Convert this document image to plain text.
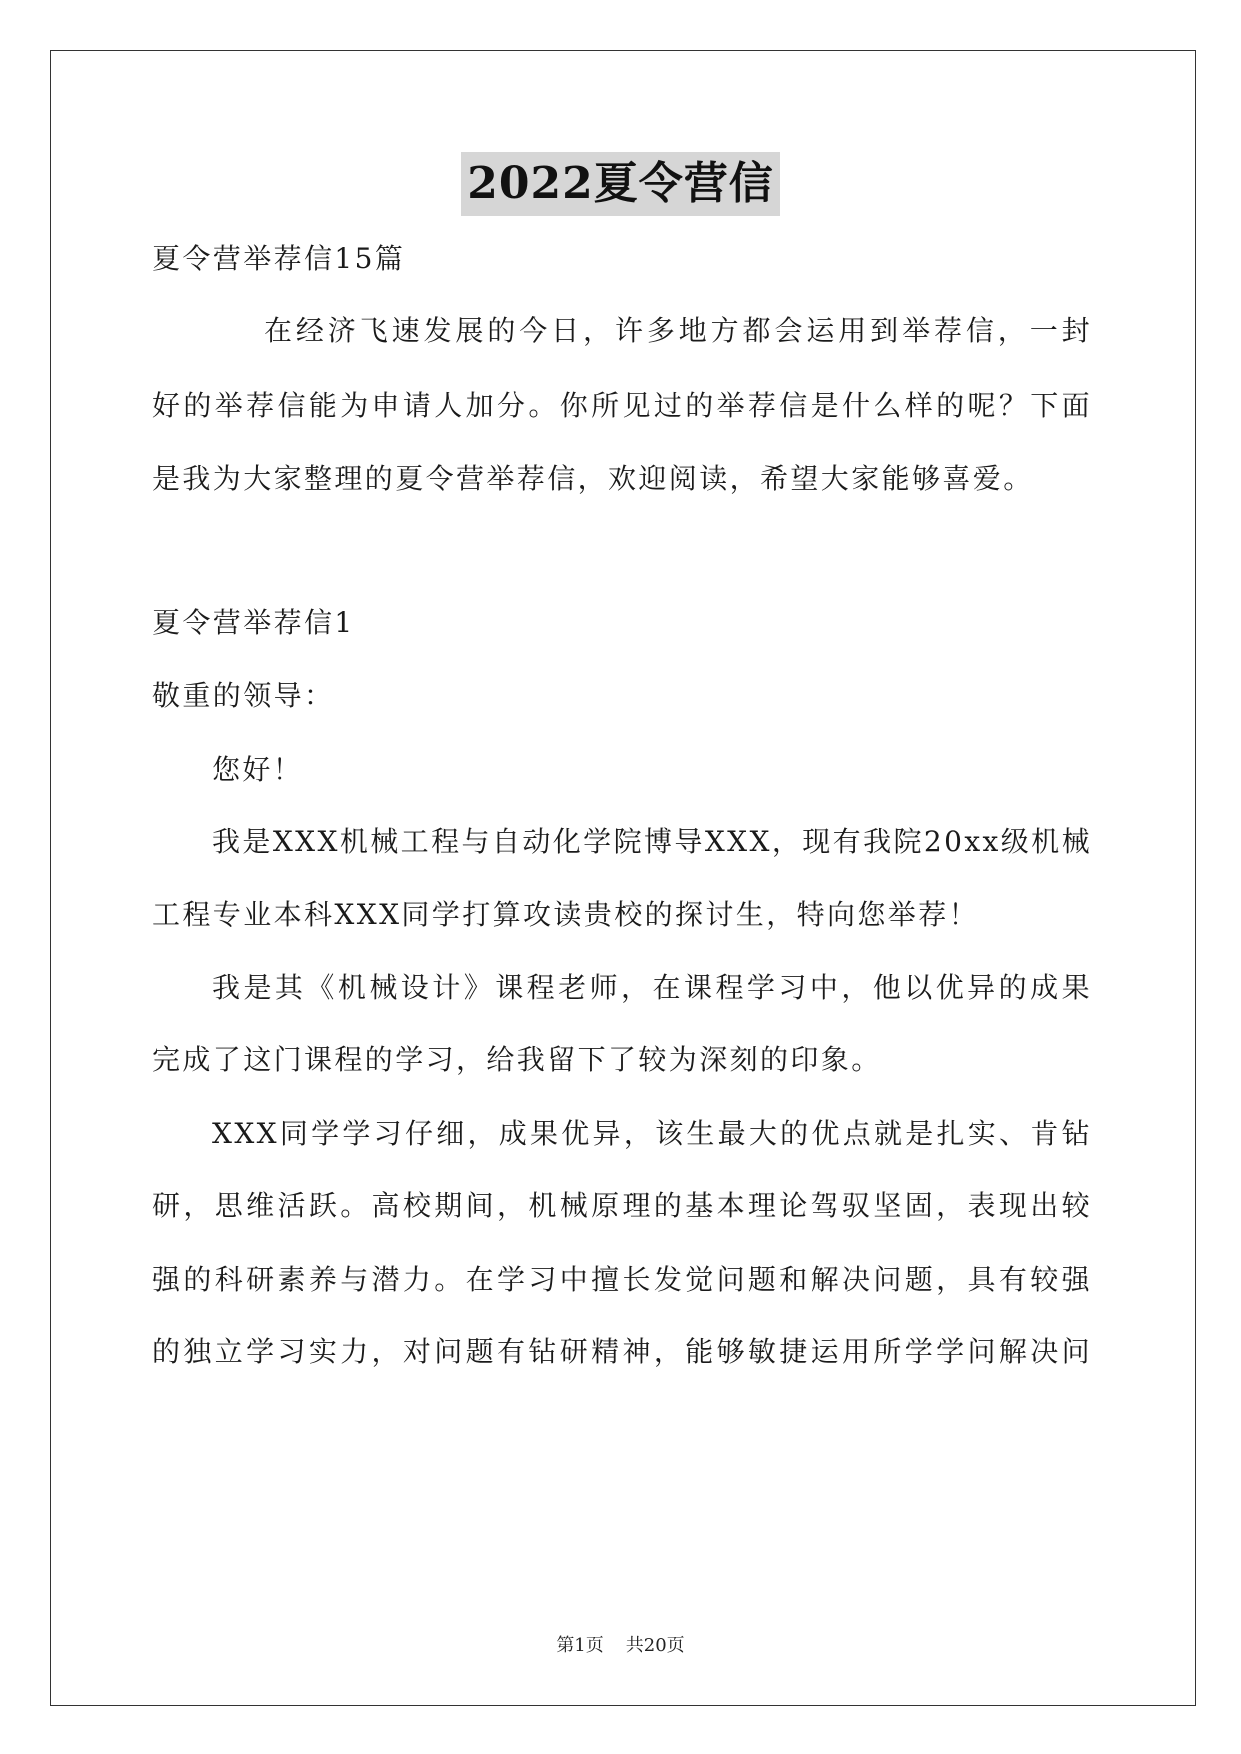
2022夏令营信
夏令营举荐信15篇
在经济飞速发展的今日，许多地方都会运用到举荐信，一封
好的举荐信能为申请人加分。你所见过的举荐信是什么样的呢？下面
是我为大家整理的夏令营举荐信，欢迎阅读，希望大家能够喜爱。
夏令营举荐信1
敬重的领导：
您好！
我是XXX机械工程与自动化学院博导XXX，现有我院20xx级机械
工程专业本科XXX同学打算攻读贵校的探讨生，特向您举荐！
我是其《机械设计》课程老师，在课程学习中，他以优异的成果
完成了这门课程的学习，给我留下了较为深刻的印象。
XXX同学学习仔细，成果优异，该生最大的优点就是扎实、肯钻
研，思维活跃。高校期间，机械原理的基本理论驾驭坚固，表现出较
强的科研素养与潜力。在学习中擅长发觉问题和解决问题，具有较强
的独立学习实力，对问题有钻研精神，能够敏捷运用所学学问解决问
第1页 共20页
